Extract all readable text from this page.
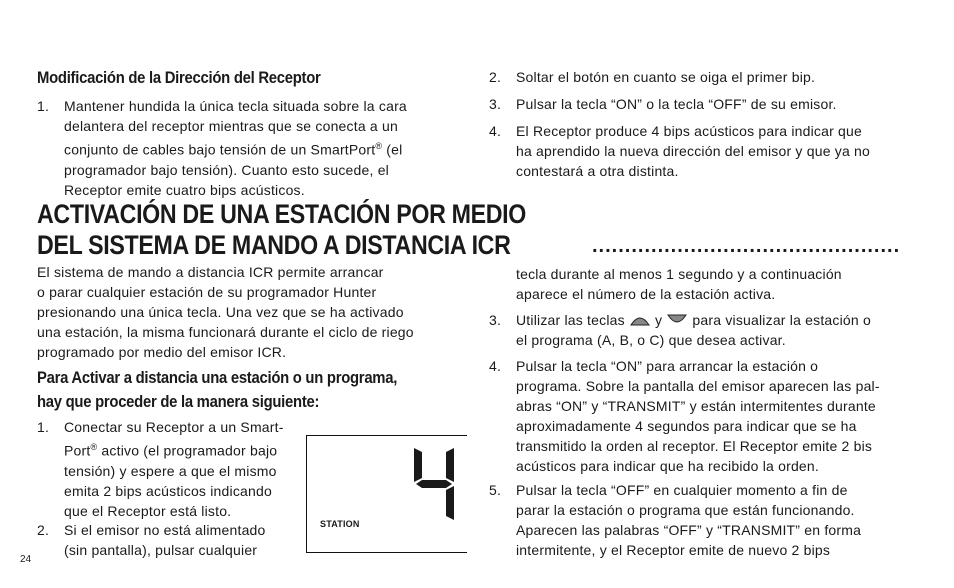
Modificación de la Dirección del Receptor
1. Mantener hundida la única tecla situada sobre la cara
delantera del receptor mientras que se conecta a un
conjunto de cables bajo tensión de un SmartPort® (el
programador bajo tensión). Cuanto esto sucede, el
Receptor emite cuatro bips acústicos.
2. Soltar el botón en cuanto se oiga el primer bip.
3. Pulsar la tecla “ON” o la tecla “OFF” de su emisor.
4. El Receptor produce 4 bips acústicos para indicar que
ha aprendido la nueva dirección del emisor y que ya no
contestará a otra distinta.
ACTIVACIÓN DE UNA ESTACIÓN POR MEDIO
DEL SISTEMA DE MANDO A DISTANCIA ICR	...............................................
El sistema de mando a distancia ICR permite arrancar
o parar cualquier estación de su programador Hunter
presionando una única tecla. Una vez que se ha activado
una estación, la misma funcionará durante el ciclo de riego
programado por medio del emisor ICR.
Para Activar a distancia una estación o un programa,
hay que proceder de la manera siguiente:
1. Conectar su Receptor a un Smart-
Port® activo (el programador bajo
tensión) y espere a que el mismo
emita 2 bips acústicos indicando
que el Receptor está listo.
2. Si el emisor no está alimentado
(sin pantalla), pulsar cualquier
STATION
tecla durante al menos 1 segundo y a continuación
aparece el número de la estación activa.
3. Utilizar las teclas y para visualizar la estación o
el programa (A, B, o C) que desea activar.
4. Pulsar la tecla “ON” para arrancar la estación o
programa. Sobre la pantalla del emisor aparecen las pal-
abras “ON” y “TRANSMIT” y están intermitentes durante
aproximadamente 4 segundos para indicar que se ha
transmitido la orden al receptor. El Receptor emite 2 bis
acústicos para indicar que ha recibido la orden.
5. Pulsar la tecla “OFF” en cualquier momento a fin de
parar la estación o programa que están funcionando.
Aparecen las palabras “OFF” y “TRANSMIT” en forma
intermitente, y el Receptor emite de nuevo 2 bips
24
